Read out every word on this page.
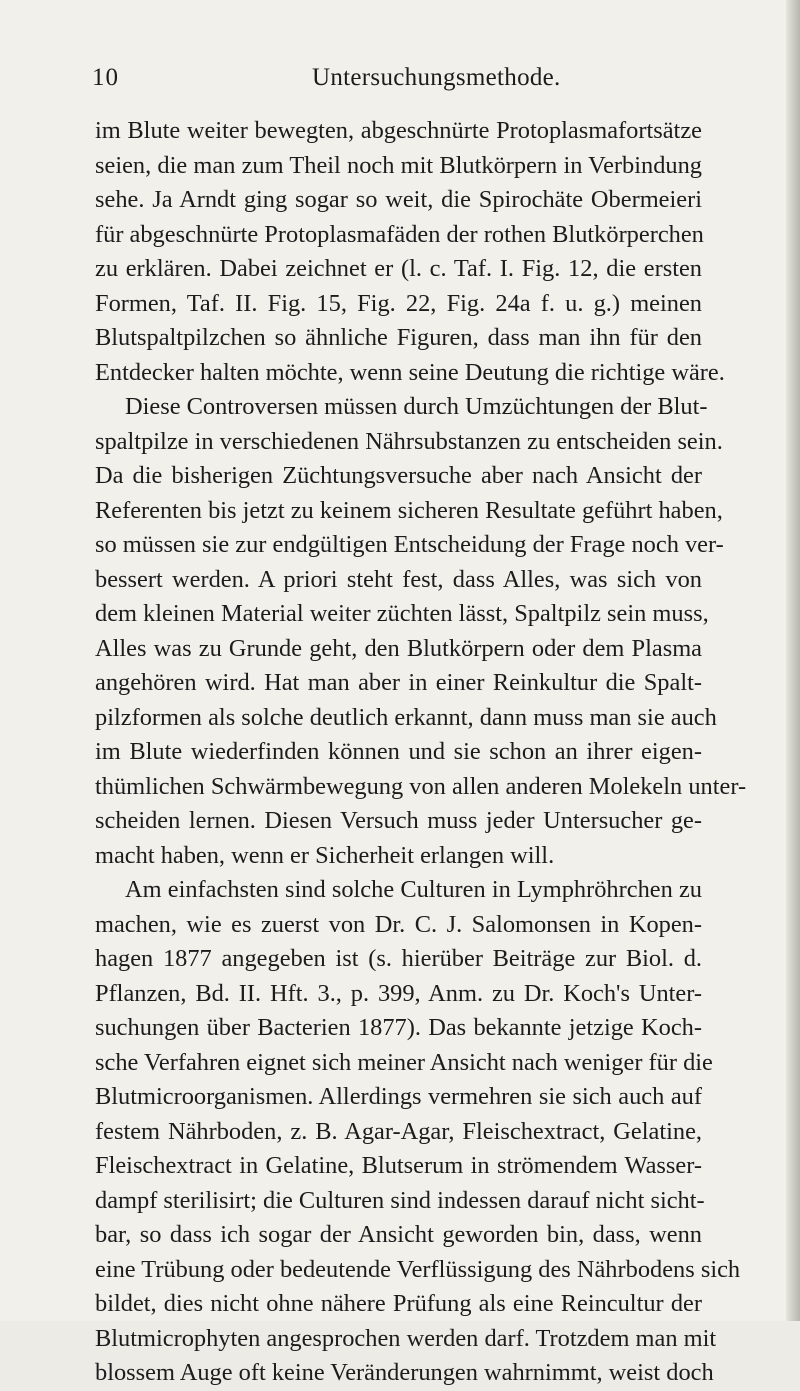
10	Untersuchungsmethode.
im Blute weiter bewegten, abgeschnürte Protoplasmafortsätze
seien, die man zum Theil noch mit Blutkörpern in Verbindung
sehe. Ja Arndt ging sogar so weit, die Spirochäte Obermeieri
für abgeschnürte Protoplasmafäden der rothen Blutkörperchen
zu erklären. Dabei zeichnet er (l. c. Taf. I. Fig. 12, die ersten
Formen, Taf. II. Fig. 15, Fig. 22, Fig. 24a f. u. g.) meinen
Blutspaltpilzchen so ähnliche Figuren, dass man ihn für den
Entdecker halten möchte, wenn seine Deutung die richtige wäre.
Diese Controversen müssen durch Umzüchtungen der Blut-
spaltpilze in verschiedenen Nährsubstanzen zu entscheiden sein.
Da die bisherigen Züchtungsversuche aber nach Ansicht der
Referenten bis jetzt zu keinem sicheren Resultate geführt haben,
so müssen sie zur endgültigen Entscheidung der Frage noch ver-
bessert werden. A priori steht fest, dass Alles, was sich von
dem kleinen Material weiter züchten lässt, Spaltpilz sein muss,
Alles was zu Grunde geht, den Blutkörpern oder dem Plasma
angehören wird. Hat man aber in einer Reinkultur die Spalt-
pilzformen als solche deutlich erkannt, dann muss man sie auch
im Blute wiederfinden können und sie schon an ihrer eigen-
thümlichen Schwärmbewegung von allen anderen Molekeln unter-
scheiden lernen. Diesen Versuch muss jeder Untersucher ge-
macht haben, wenn er Sicherheit erlangen will.
Am einfachsten sind solche Culturen in Lymphröhrchen zu
machen, wie es zuerst von Dr. C. J. Salomonsen in Kopen-
hagen 1877 angegeben ist (s. hierüber Beiträge zur Biol. d.
Pflanzen, Bd. II. Hft. 3., p. 399, Anm. zu Dr. Koch's Unter-
suchungen über Bacterien 1877). Das bekannte jetzige Koch-
sche Verfahren eignet sich meiner Ansicht nach weniger für die
Blutmicroorganismen. Allerdings vermehren sie sich auch auf
festem Nährboden, z. B. Agar-Agar, Fleischextract, Gelatine,
Fleischextract in Gelatine, Blutserum in strömendem Wasser-
dampf sterilisirt; die Culturen sind indessen darauf nicht sicht-
bar, so dass ich sogar der Ansicht geworden bin, dass, wenn
eine Trübung oder bedeutende Verflüssigung des Nährbodens sich
bildet, dies nicht ohne nähere Prüfung als eine Reincultur der
Blutmicrophyten angesprochen werden darf. Trotzdem man mit
blossem Auge oft keine Veränderungen wahrnimmt, weist doch
